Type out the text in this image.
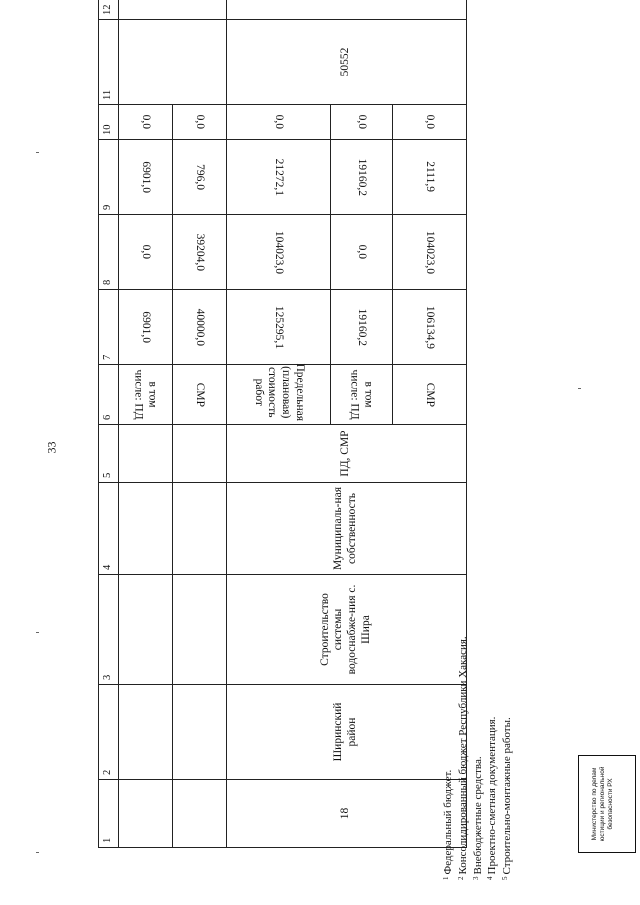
33
1	2	3	4	5	6	7	8	9	10	11	12
					в том числе: ПД	6901,0	0,0	6901,0	0,0		
					СМР	40000,0	39204,0	796,0	0,0		
18	Ширинский район	Строительство системы водоснабже-ния с. Шира	Муниципаль-ная собственность	ПД, СМР	Предельная (плановая) стоимость работ	125295,1	104023,0	21272,1	0,0	50552	
					в том числе: ПД	19160,2	0,0	19160,2	0,0		
					СМР	106134,9	104023,0	2111,9	0,0		
$^1$Федеральный бюджет.
$^2$Консолидированный бюджет Республики Хакасия.
$^3$Внебюджетные средства.
$^4$Проектно-сметная документация.
$^5$Строительно-монтажные работы.	Министерство по делам юстиции и региональной безопасности РХ
